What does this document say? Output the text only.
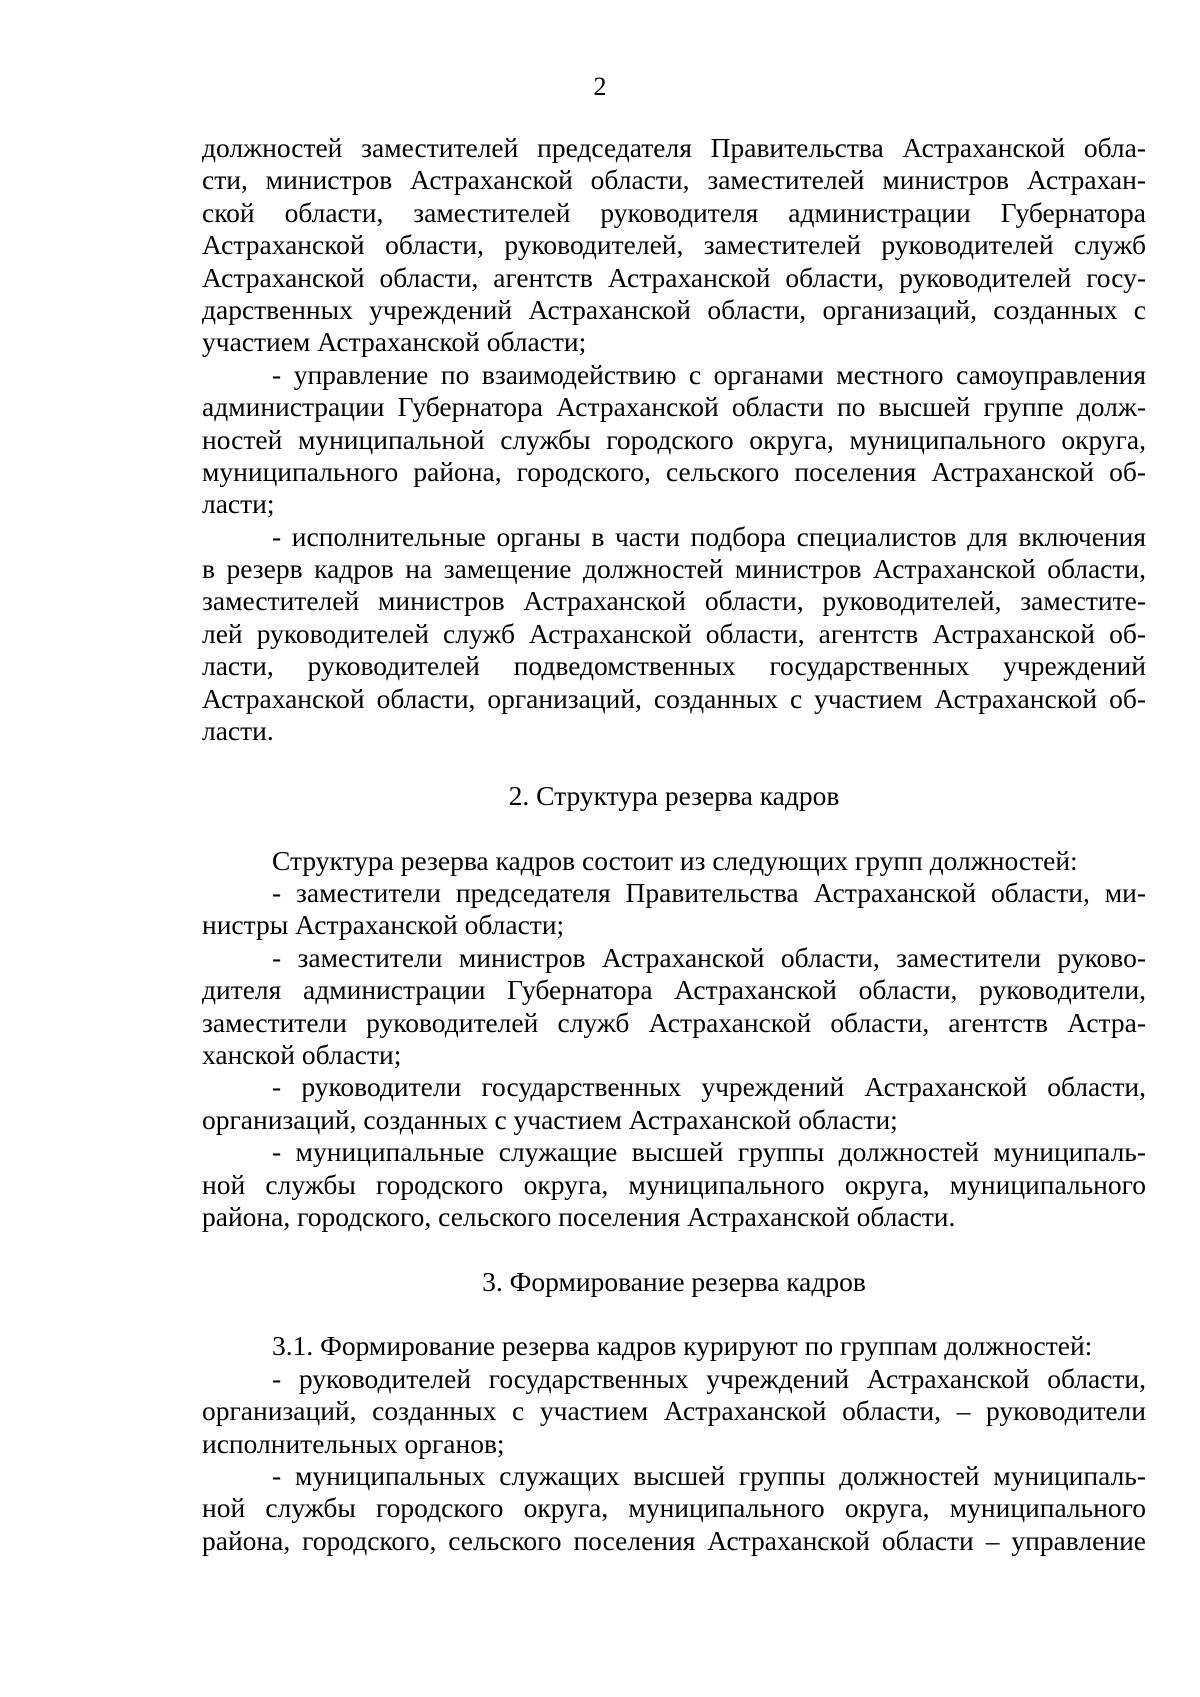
2
должностей заместителей председателя Правительства Астраханской обла-
сти, министров Астраханской области, заместителей министров Астрахан-
ской области, заместителей руководителя администрации Губернатора
Астраханской области, руководителей, заместителей руководителей служб
Астраханской области, агентств Астраханской области, руководителей госу-
дарственных учреждений Астраханской области, организаций, созданных с
участием Астраханской области;
- управление по взаимодействию с органами местного самоуправления
администрации Губернатора Астраханской области по высшей группе долж-
ностей муниципальной службы городского округа, муниципального округа,
муниципального района, городского, сельского поселения Астраханской об-
ласти;
- исполнительные органы в части подбора специалистов для включения
в резерв кадров на замещение должностей министров Астраханской области,
заместителей министров Астраханской области, руководителей, заместите-
лей руководителей служб Астраханской области, агентств Астраханской об-
ласти, руководителей подведомственных государственных учреждений
Астраханской области, организаций, созданных с участием Астраханской об-
ласти.
2. Структура резерва кадров
Структура резерва кадров состоит из следующих групп должностей:
- заместители председателя Правительства Астраханской области, ми-
нистры Астраханской области;
- заместители министров Астраханской области, заместители руково-
дителя администрации Губернатора Астраханской области, руководители,
заместители руководителей служб Астраханской области, агентств Астра-
ханской области;
- руководители государственных учреждений Астраханской области,
организаций, созданных с участием Астраханской области;
- муниципальные служащие высшей группы должностей муниципаль-
ной службы городского округа, муниципального округа, муниципального
района, городского, сельского поселения Астраханской области.
3. Формирование резерва кадров
3.1. Формирование резерва кадров курируют по группам должностей:
- руководителей государственных учреждений Астраханской области,
организаций, созданных с участием Астраханской области, – руководители
исполнительных органов;
- муниципальных служащих высшей группы должностей муниципаль-
ной службы городского округа, муниципального округа, муниципального
района, городского, сельского поселения Астраханской области – управление
